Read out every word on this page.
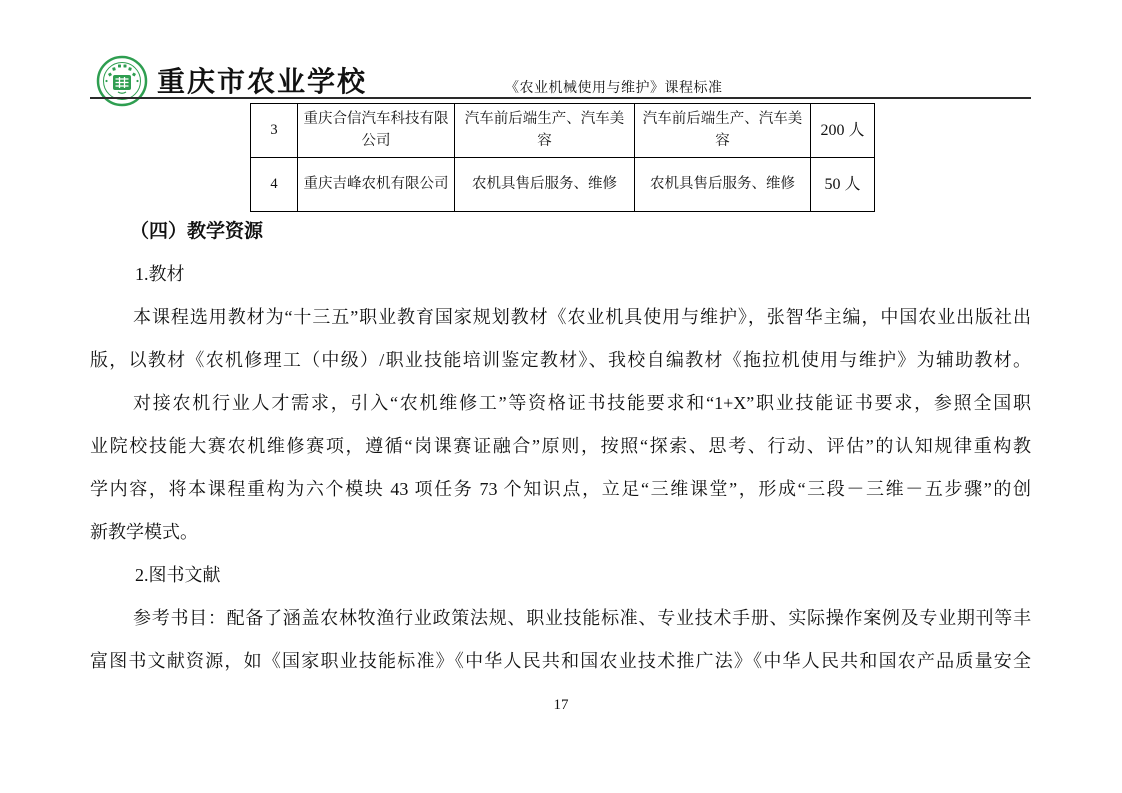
重庆市农业学校	《农业机械使用与维护》课程标准
3	重庆合信汽车科技有限公司	汽车前后端生产、汽车美容	汽车前后端生产、汽车美容	200 人
4	重庆吉峰农机有限公司	农机具售后服务、维修	农机具售后服务、维修	50 人
（四）教学资源
1.教材
本课程选用教材为“十三五”职业教育国家规划教材《农业机具使用与维护》，张智华主编，中国农业出版社出
版，以教材《农机修理工（中级）/职业技能培训鉴定教材》、我校自编教材《拖拉机使用与维护》为辅助教材。
对接农机行业人才需求，引入“农机维修工”等资格证书技能要求和“1+X”职业技能证书要求，参照全国职
业院校技能大赛农机维修赛项，遵循“岗课赛证融合”原则，按照“探索、思考、行动、评估”的认知规律重构教
学内容，将本课程重构为六个模块 43 项任务 73 个知识点，立足“三维课堂”，形成“三段－三维－五步骤”的创
新教学模式。
2.图书文献
参考书目：配备了涵盖农林牧渔行业政策法规、职业技能标准、专业技术手册、实际操作案例及专业期刊等丰
富图书文献资源，如《国家职业技能标准》《中华人民共和国农业技术推广法》《中华人民共和国农产品质量安全
17
